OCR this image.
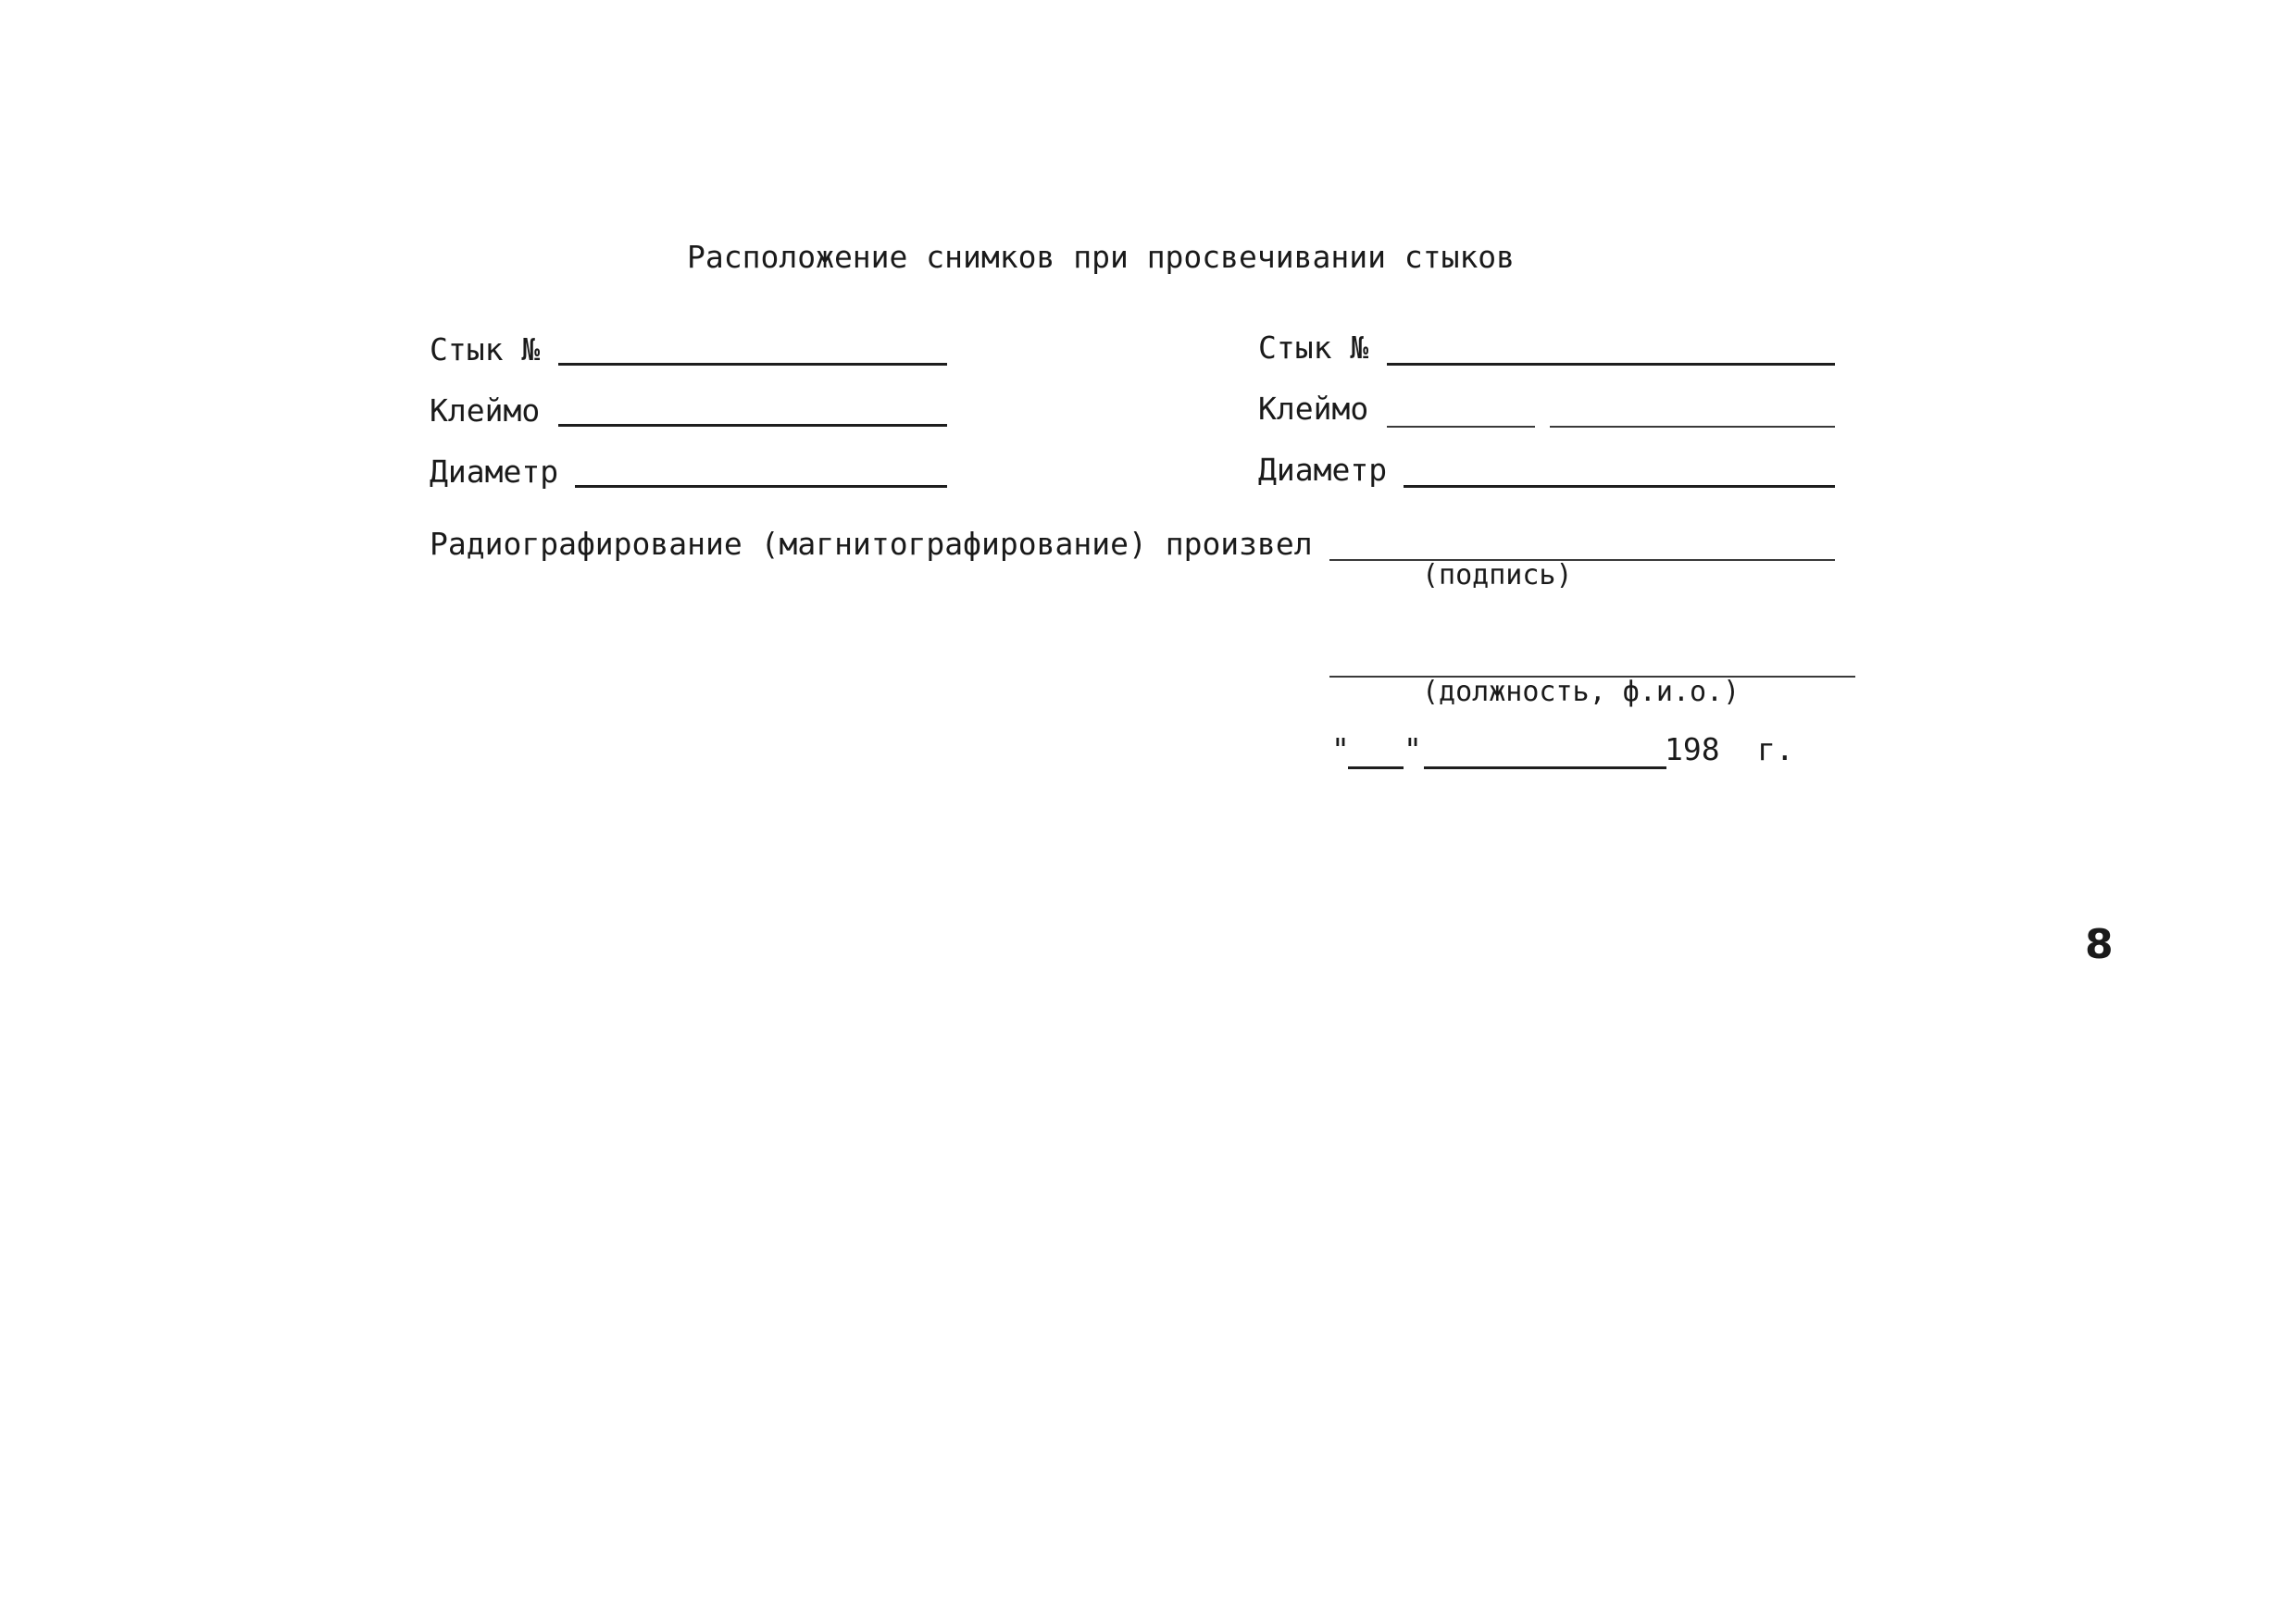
Расположение снимков при просвечивании стыков
Стык №
Клеймо
Диаметр
Стык №
Клеймо
Диаметр
Радиографирование (магнитографирование) произвел
(подпись)
(должность, ф.и.о.)
" "	198 г.
8
